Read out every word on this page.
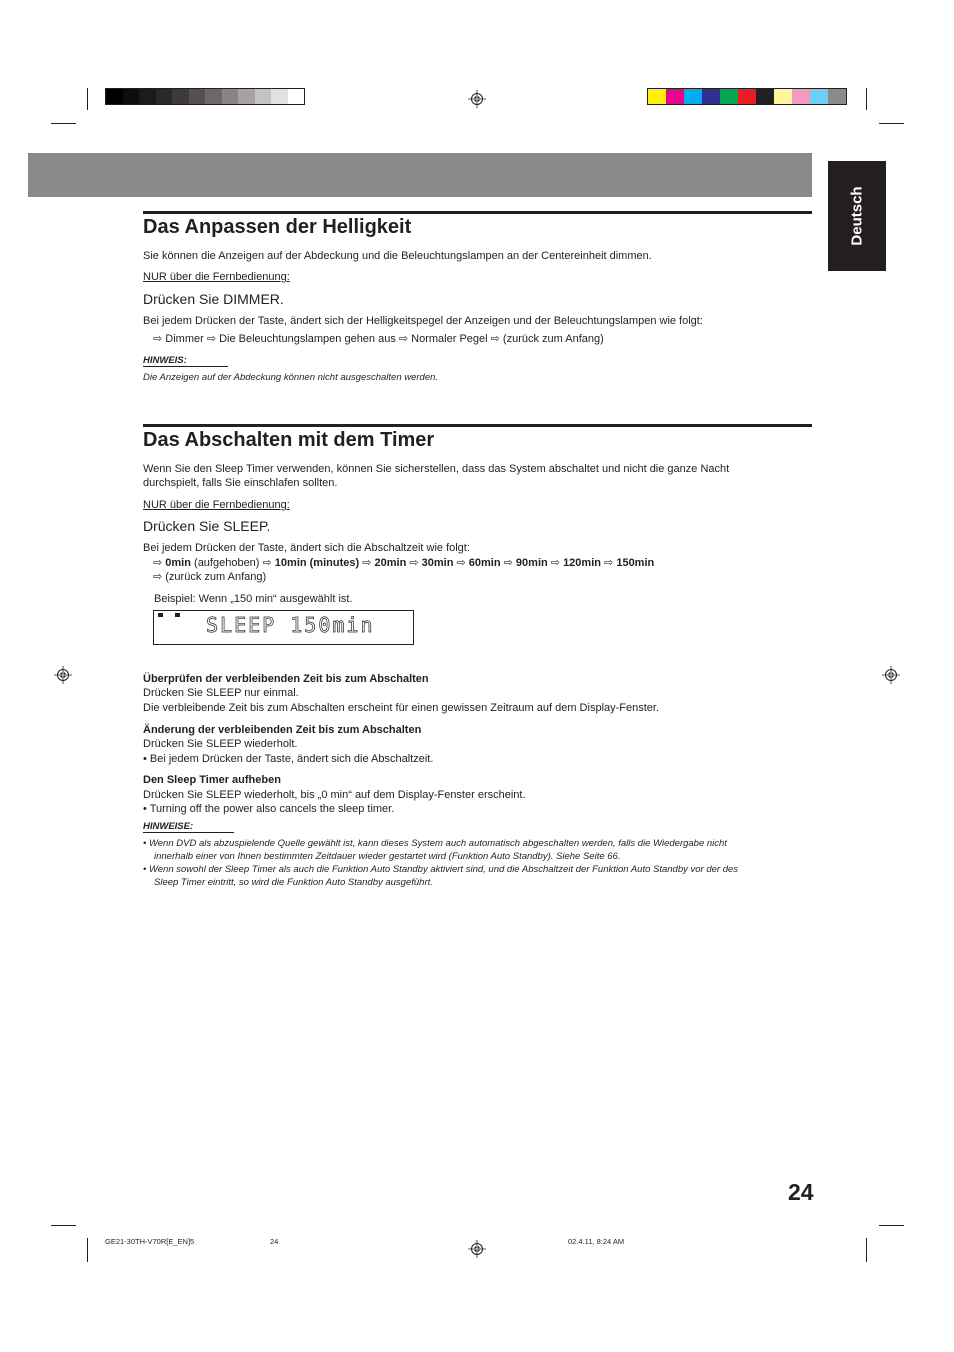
Deutsch
Das Anpassen der Helligkeit
Sie können die Anzeigen auf der Abdeckung und die Beleuchtungslampen an der Centereinheit dimmen.
NUR über die Fernbedienung:
Drücken Sie DIMMER.
Bei jedem Drücken der Taste, ändert sich der Helligkeitspegel der Anzeigen und der Beleuchtungslampen wie folgt:
⇨ Dimmer ⇨ Die Beleuchtungslampen gehen aus ⇨ Normaler Pegel ⇨ (zurück zum Anfang)
HINWEIS:
Die Anzeigen auf der Abdeckung können nicht ausgeschalten werden.
Das Abschalten mit dem Timer
Wenn Sie den Sleep Timer verwenden, können Sie sicherstellen, dass das System abschaltet und nicht die ganze Nacht
durchspielt, falls Sie einschlafen sollten.
NUR über die Fernbedienung:
Drücken Sie SLEEP.
Bei jedem Drücken der Taste, ändert sich die Abschaltzeit wie folgt:
⇨ 0min (aufgehoben) ⇨ 10min (minutes) ⇨ 20min ⇨ 30min ⇨ 60min ⇨ 90min ⇨ 120min ⇨ 150min
⇨ (zurück zum Anfang)
Beispiel: Wenn „150 min“ ausgewählt ist.
SLEEP 150min
Überprüfen der verbleibenden Zeit bis zum Abschalten
Drücken Sie SLEEP nur einmal.
Die verbleibende Zeit bis zum Abschalten erscheint für einen gewissen Zeitraum auf dem Display-Fenster.
Änderung der verbleibenden Zeit bis zum Abschalten
Drücken Sie SLEEP wiederholt.
• Bei jedem Drücken der Taste, ändert sich die Abschaltzeit.
Den Sleep Timer aufheben
Drücken Sie SLEEP wiederholt, bis „0 min“ auf dem Display-Fenster erscheint.
• Turning off the power also cancels the sleep timer.
HINWEISE:
• Wenn DVD als abzuspielende Quelle gewählt ist, kann dieses System auch automatisch abgeschalten werden, falls die Wiedergabe nicht
innerhalb einer von Ihnen bestimmten Zeitdauer wieder gestartet wird (Funktion Auto Standby). Siehe Seite 66.
• Wenn sowohl der Sleep Timer als auch die Funktion Auto Standby aktiviert sind, und die Abschaltzeit der Funktion Auto Standby vor der des
Sleep Timer eintritt, so wird die Funktion Auto Standby ausgeführt.
24
GE21-30TH-V70R[E_EN]5	24	02.4.11, 8:24 AM
